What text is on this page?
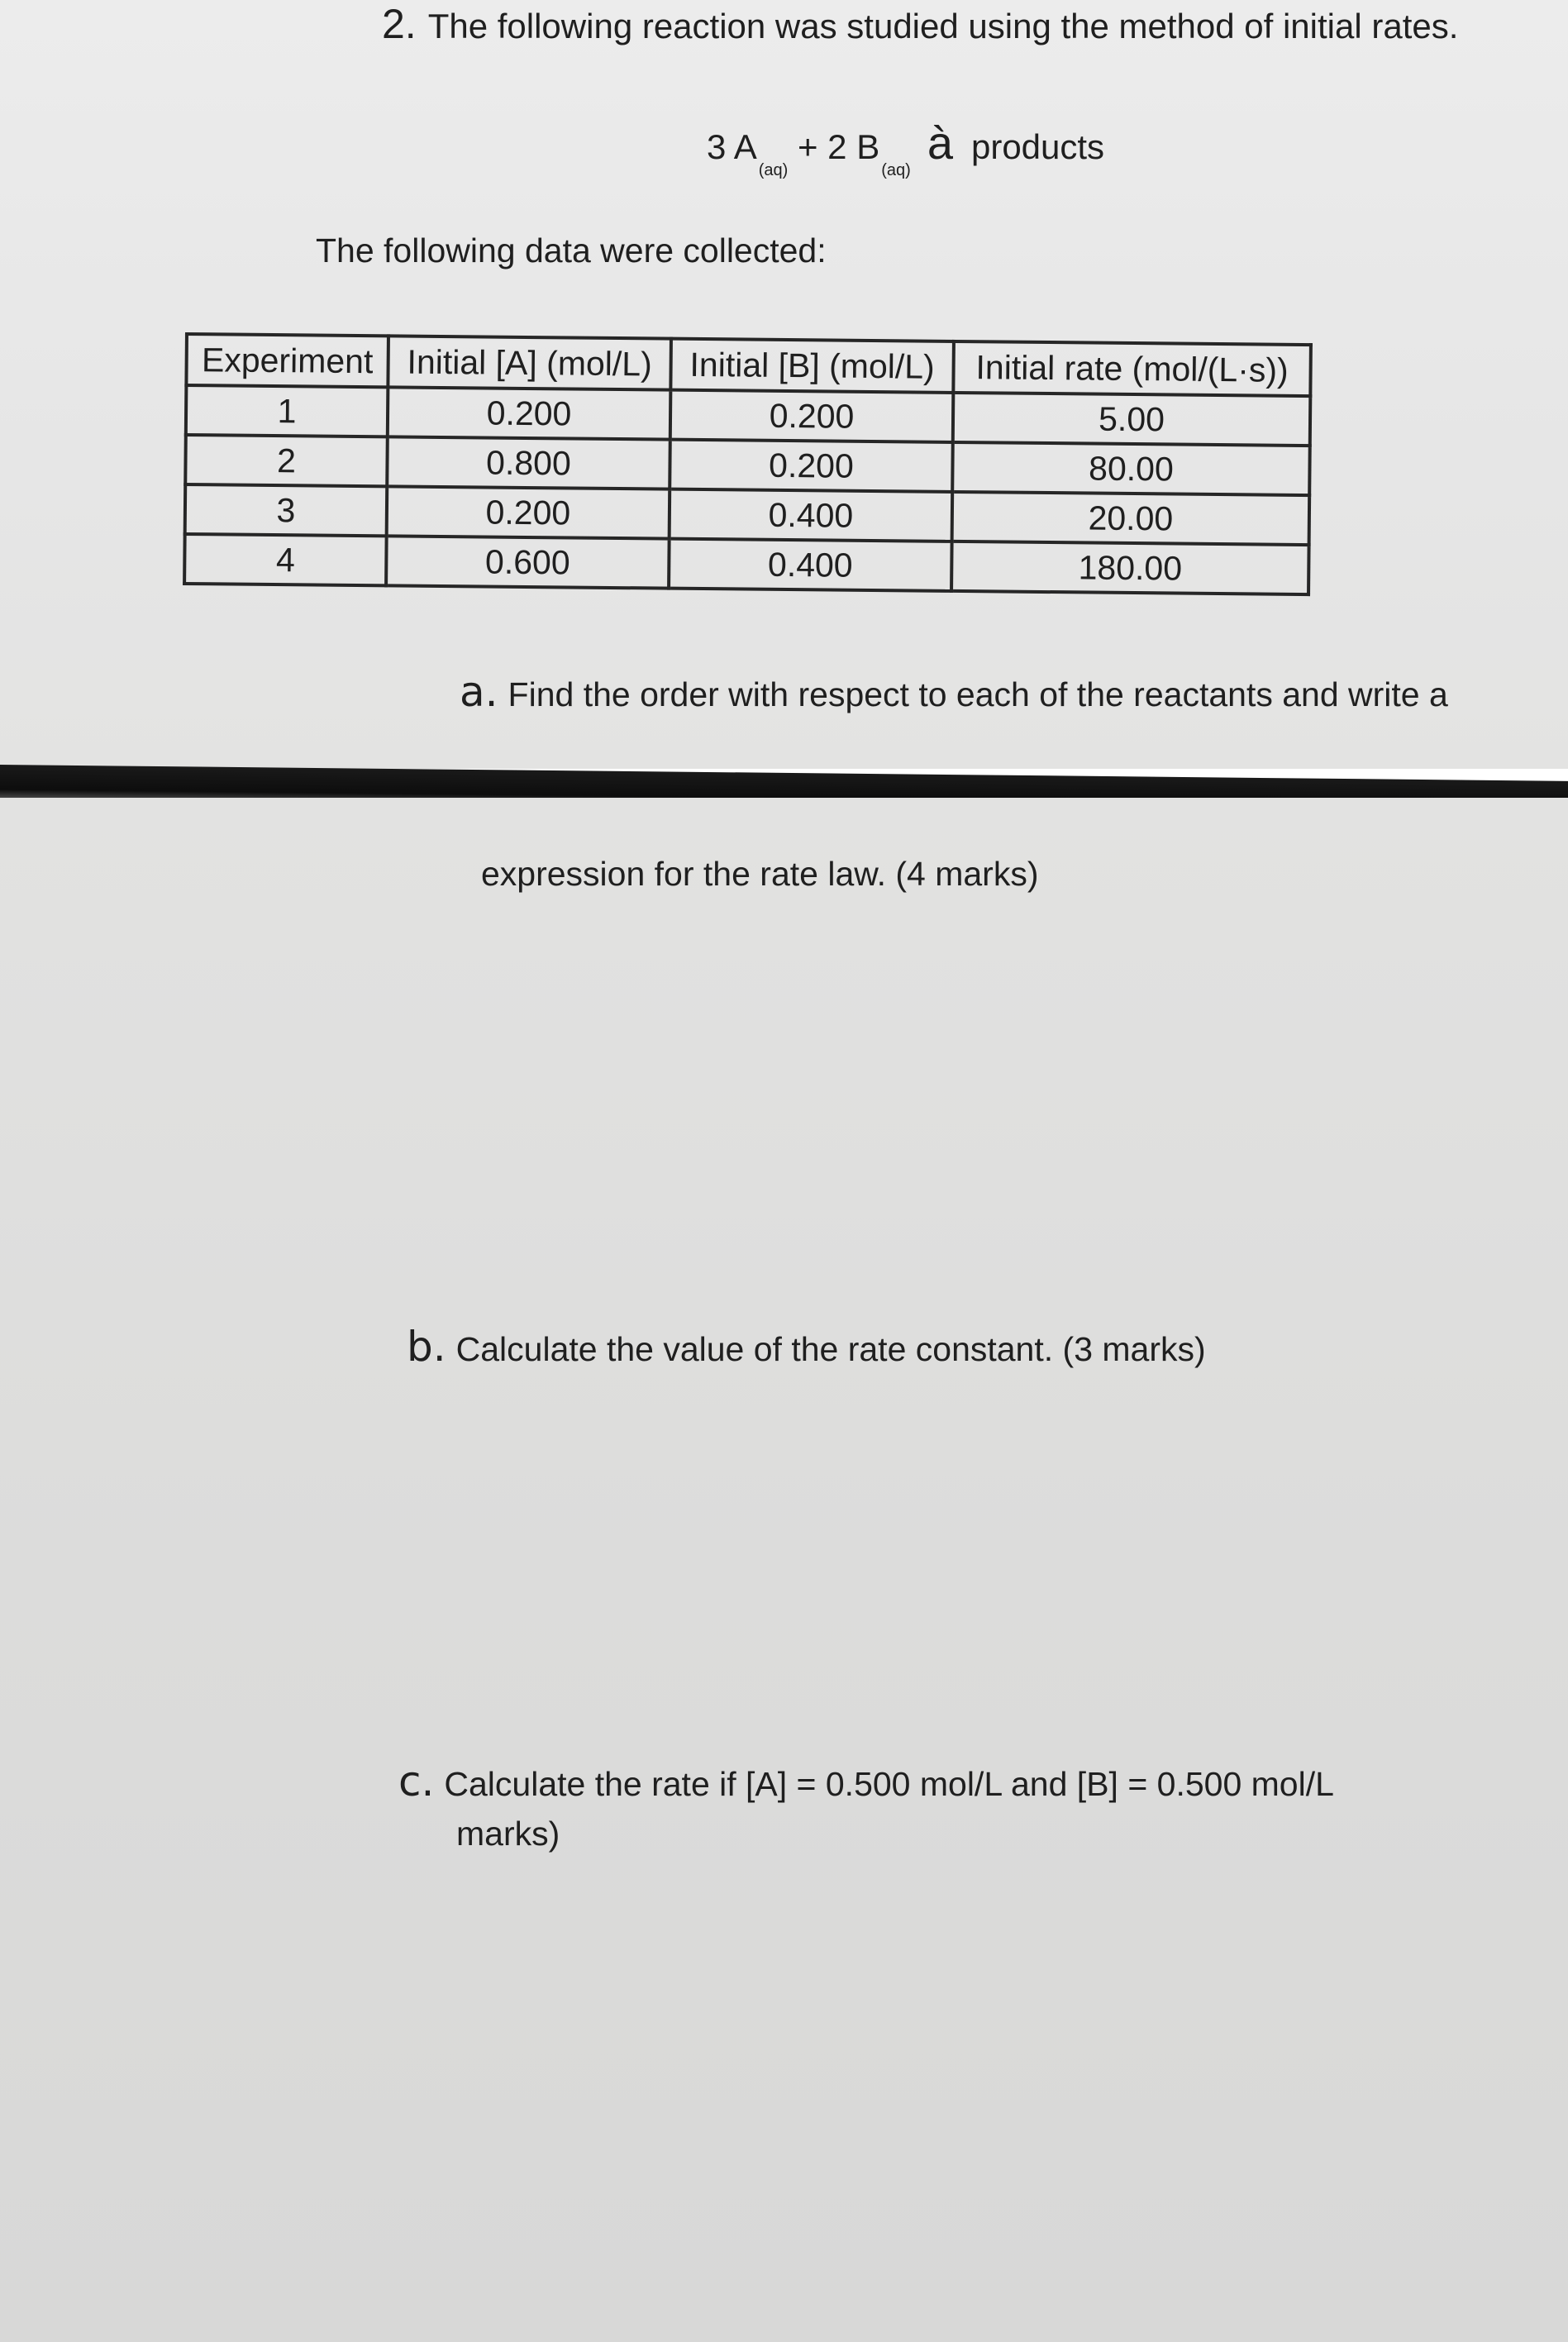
2. The following reaction was studied using the method of initial rates.
3 $A_{(aq)} + 2$ $B_{(aq)}à$ products
The following data were collected:
Experiment	Initial [A] (mol/L)	Initial [B] (mol/L)	Initial rate (mol/(L·s))
1	0.200	0.200	5.00
2	0.800	0.200	80.00
3	0.200	0.400	20.00
4	0.600	0.400	180.00
a. Find the order with respect to each of the reactants and write a
expression for the rate law. (4 marks)
b. Calculate the value of the rate constant. (3 marks)
c. Calculate the rate if [A] = 0.500 mol/L and [B] = 0.500 mol/L
marks)
